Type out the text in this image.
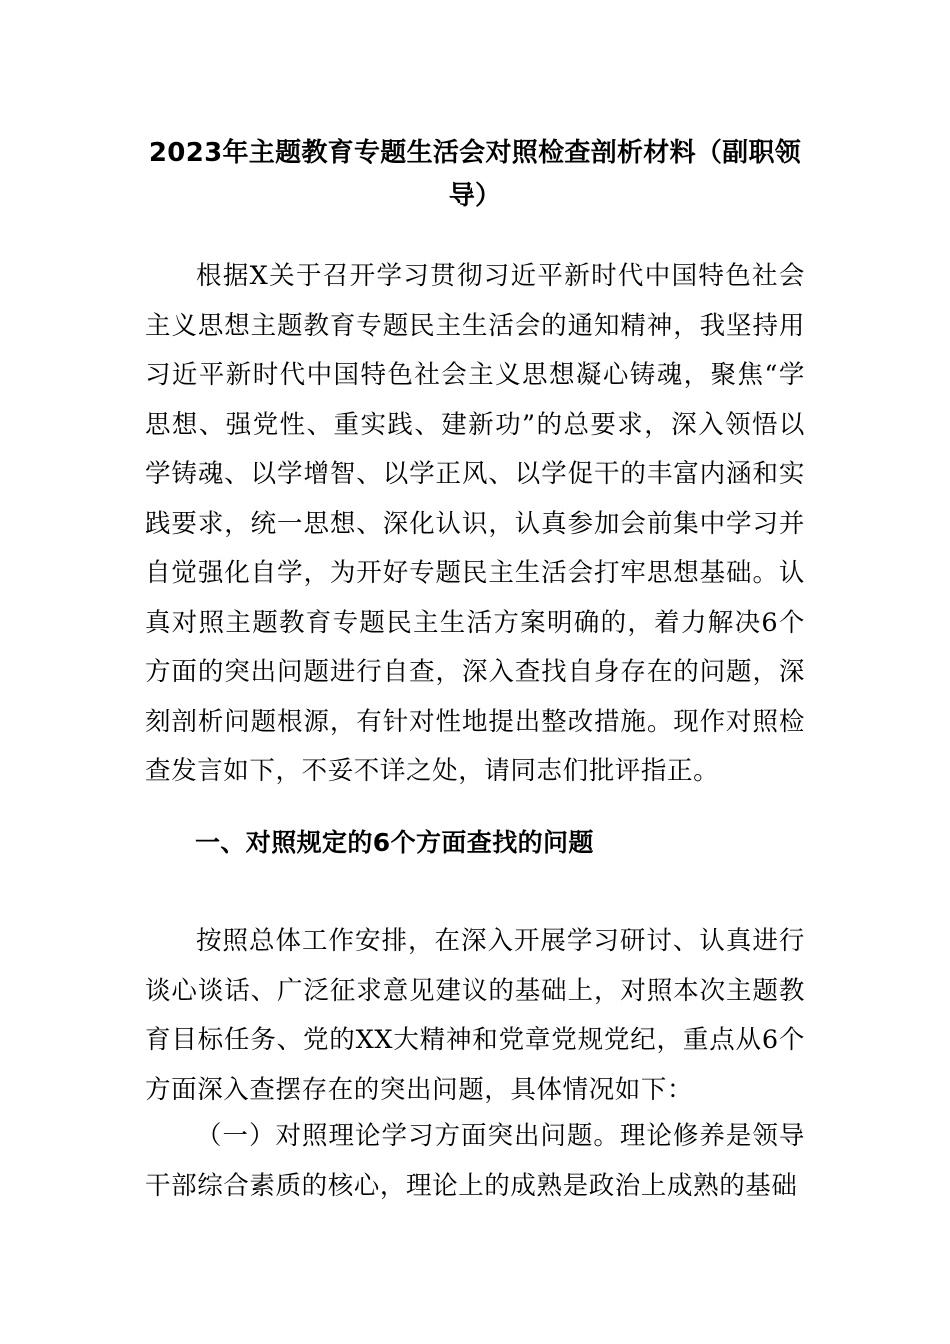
2023年主题教育专题生活会对照检查剖析材料（副职领导）
根据X关于召开学习贯彻习近平新时代中国特色社会主义思想主题教育专题民主生活会的通知精神，我坚持用习近平新时代中国特色社会主义思想凝心铸魂，聚焦“学思想、强党性、重实践、建新功”的总要求，深入领悟以学铸魂、以学增智、以学正风、以学促干的丰富内涵和实践要求，统一思想、深化认识，认真参加会前集中学习并自觉强化自学，为开好专题民主生活会打牢思想基础。认真对照主题教育专题民主生活方案明确的，着力解决6个方面的突出问题进行自查，深入查找自身存在的问题，深刻剖析问题根源，有针对性地提出整改措施。现作对照检查发言如下，不妥不详之处，请同志们批评指正。
一、对照规定的6个方面查找的问题
按照总体工作安排，在深入开展学习研讨、认真进行谈心谈话、广泛征求意见建议的基础上，对照本次主题教育目标任务、党的XX大精神和党章党规党纪，重点从6个方面深入查摆存在的突出问题，具体情况如下：
（一）对照理论学习方面突出问题。理论修养是领导干部综合素质的核心，理论上的成熟是政治上成熟的基础
